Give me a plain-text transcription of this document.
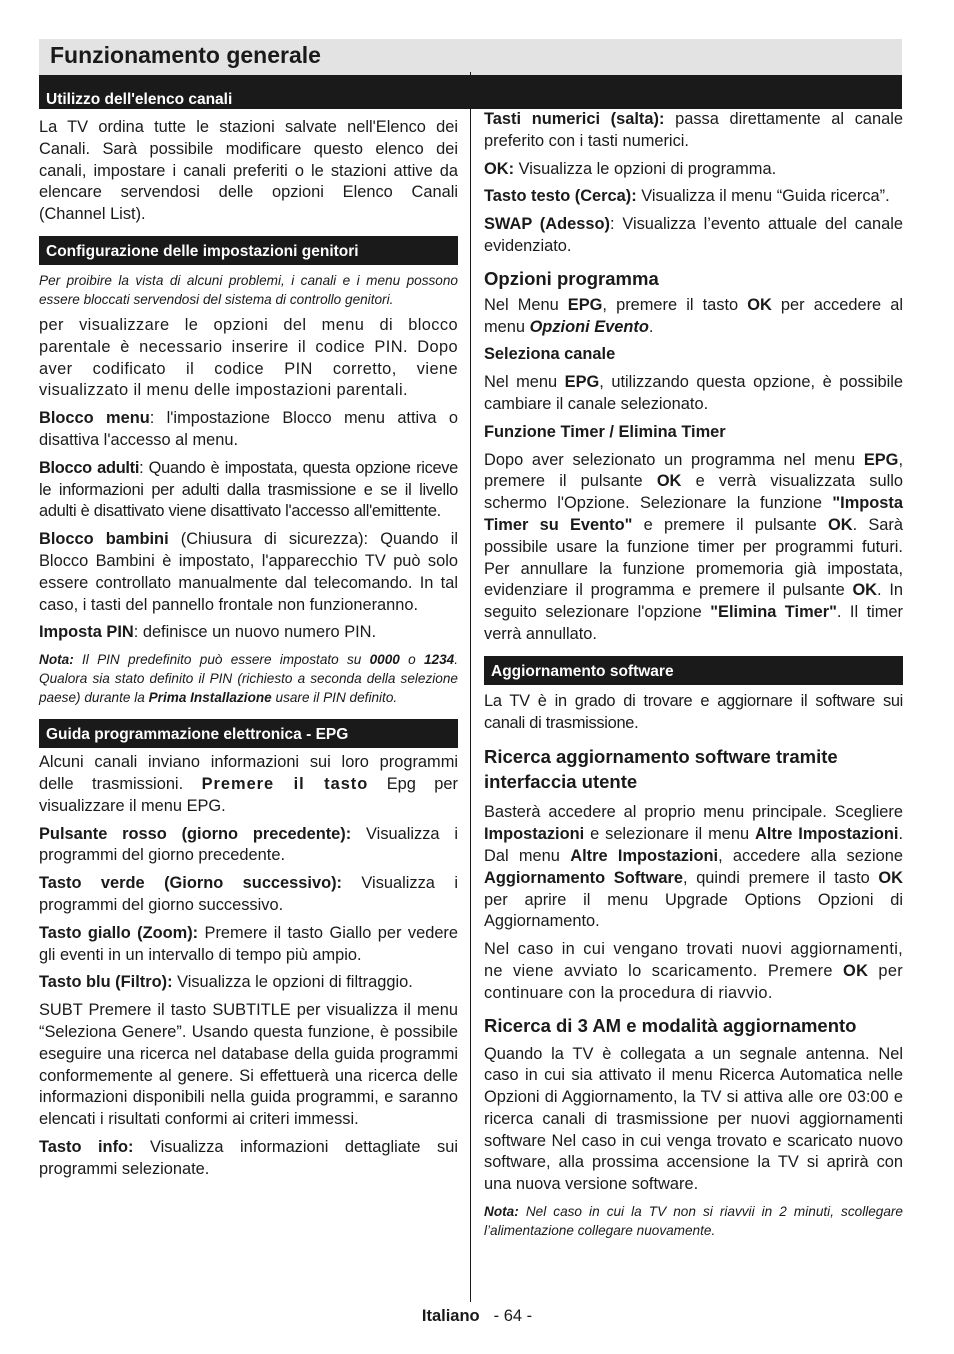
Funzionamento generale
Utilizzo dell'elenco canali

La TV ordina tutte le stazioni salvate nell'Elenco dei Canali. Sarà possibile modificare questo elenco dei canali, impostare i canali preferiti o le stazioni attive da elencare servendosi delle opzioni Elenco Canali (Channel List).

Configurazione delle impostazioni genitori
Per proibire la vista di alcuni problemi, i canali e i menu possono essere bloccati servendosi del sistema di controllo genitori.

per visualizzare le opzioni del menu di blocco parentale è necessario inserire il codice PIN. Dopo aver codificato il codice PIN corretto, viene visualizzato il menu delle impostazioni parentali.

Blocco menu: l'impostazione Blocco menu attiva o disattiva l'accesso al menu.

Blocco adulti: Quando è impostata, questa opzione riceve le informazioni per adulti dalla trasmissione e se il livello adulti è disattivato viene disattivato l'accesso all'emittente.

Blocco bambini (Chiusura di sicurezza): Quando il Blocco Bambini è impostato, l'apparecchio TV può solo essere controllato manualmente dal telecomando. In tal caso, i tasti del pannello frontale non funzioneranno.

Imposta PIN: definisce un nuovo numero PIN.

Nota: Il PIN predefinito può essere impostato su 0000 o 1234. Qualora sia stato definito il PIN (richiesto a seconda della selezione paese) durante la Prima Installazione usare il PIN definito.
Guida programmazione elettronica - EPG

Alcuni canali inviano informazioni sui loro programmi delle trasmissioni. Premere il tasto Epg per visualizzare il menu EPG.

Pulsante rosso (giorno precedente): Visualizza i programmi del giorno precedente.

Tasto verde (Giorno successivo): Visualizza i programmi del giorno successivo.

Tasto giallo (Zoom): Premere il tasto Giallo per vedere gli eventi in un intervallo di tempo più ampio.

Tasto blu (Filtro): Visualizza le opzioni di filtraggio.

SUBT Premere il tasto SUBTITLE per visualizza il menu “Seleziona Genere”. Usando questa funzione, è possibile eseguire una ricerca nel database della guida programmi conformemente al genere. Si effettuerà una ricerca delle informazioni disponibili nella guida programmi, e saranno elencati i risultati conformi ai criteri immessi.

Tasto info: Visualizza informazioni dettagliate sui programmi selezionate.

Tasti numerici (salta): passa direttamente al canale preferito con i tasti numerici.

OK: Visualizza le opzioni di programma.

Tasto testo (Cerca): Visualizza il menu “Guida ricerca”.

SWAP (Adesso): Visualizza l’evento attuale del canale evidenziato.

Opzioni programma

Nel Menu EPG, premere il tasto OK per accedere al menu Opzioni Evento.

Seleziona canale

Nel menu EPG, utilizzando questa opzione, è possibile cambiare il canale selezionato.

Funzione Timer / Elimina Timer

Dopo aver selezionato un programma nel menu EPG, premere il pulsante OK e verrà visualizzata sullo schermo l'Opzione. Selezionare la funzione "Imposta Timer su Evento" e premere il pulsante OK. Sarà possibile usare la funzione timer per programmi futuri. Per annullare la funzione promemoria già impostata, evidenziare il programma e premere il pulsante OK. In seguito selezionare l'opzione "Elimina Timer". Il timer verrà annullato.

Aggiornamento software

La TV è in grado di trovare e aggiornare il software sui canali di trasmissione.

Ricerca aggiornamento software tramite interfaccia utente

Basterà accedere al proprio menu principale. Scegliere Impostazioni e selezionare il menu Altre Impostazioni. Dal menu Altre Impostazioni, accedere alla sezione Aggiornamento Software, quindi premere il tasto OK per aprire il menu Upgrade Options Opzioni di Aggiornamento.

Nel caso in cui vengano trovati nuovi aggiornamenti, ne viene avviato lo scaricamento. Premere OK per continuare con la procedura di riavvio.

Ricerca di 3 AM e modalità aggiornamento

Quando la TV è collegata a un segnale antenna. Nel caso in cui sia attivato il menu Ricerca Automatica nelle Opzioni di Aggiornamento, la TV si attiva alle ore 03:00 e ricerca canali di trasmissione per nuovi aggiornamenti software Nel caso in cui venga trovato e scaricato nuovo software, alla prossima accensione la TV si aprirà con una nuova versione software.

Nota: Nel caso in cui la TV non si riavvii in 2 minuti, scollegare l’alimentazione collegare nuovamente.
Italiano - 64 -
